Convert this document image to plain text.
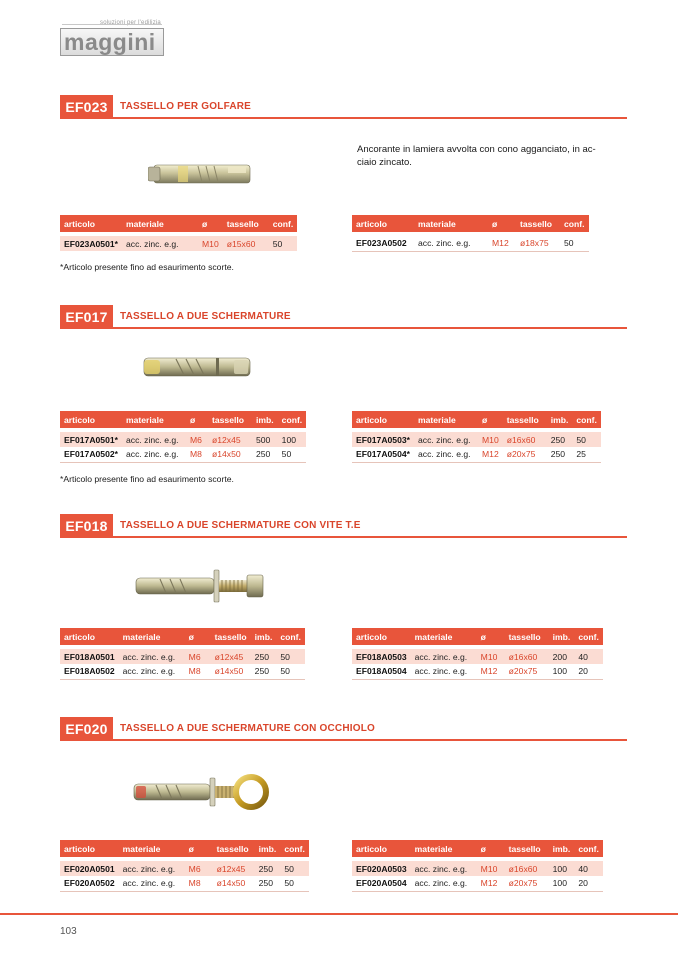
soluzioni per l'edilizia
maggini
EF023	TASSELLO PER GOLFARE
Ancorante in lamiera avvolta con cono agganciato, in ac-
ciaio zincato.
articolo	materiale	ø	tassello	conf.

EF023A0501*	acc. zinc. e.g.	M10	ø15x60	50
articolo	materiale	ø	tassello	conf.

EF023A0502	acc. zinc. e.g.	M12	ø18x75	50
*Articolo presente fino ad esaurimento scorte.
EF017	TASSELLO A DUE SCHERMATURE
articolo	materiale	ø	tassello	imb.	conf.

EF017A0501*	acc. zinc. e.g.	M6	ø12x45	500	100
EF017A0502*	acc. zinc. e.g.	M8	ø14x50	250	50
articolo	materiale	ø	tassello	imb.	conf.

EF017A0503*	acc. zinc. e.g.	M10	ø16x60	250	50
EF017A0504*	acc. zinc. e.g.	M12	ø20x75	250	25
*Articolo presente fino ad esaurimento scorte.
EF018	TASSELLO A DUE SCHERMATURE CON VITE T.E
articolo	materiale	ø	tassello	imb.	conf.

EF018A0501	acc. zinc. e.g.	M6	ø12x45	250	50
EF018A0502	acc. zinc. e.g.	M8	ø14x50	250	50
articolo	materiale	ø	tassello	imb.	conf.

EF018A0503	acc. zinc. e.g.	M10	ø16x60	200	40
EF018A0504	acc. zinc. e.g.	M12	ø20x75	100	20
EF020	TASSELLO A DUE SCHERMATURE CON OCCHIOLO
articolo	materiale	ø	tassello	imb.	conf.

EF020A0501	acc. zinc. e.g.	M6	ø12x45	250	50
EF020A0502	acc. zinc. e.g.	M8	ø14x50	250	50
articolo	materiale	ø	tassello	imb.	conf.

EF020A0503	acc. zinc. e.g.	M10	ø16x60	100	40
EF020A0504	acc. zinc. e.g.	M12	ø20x75	100	20
103
